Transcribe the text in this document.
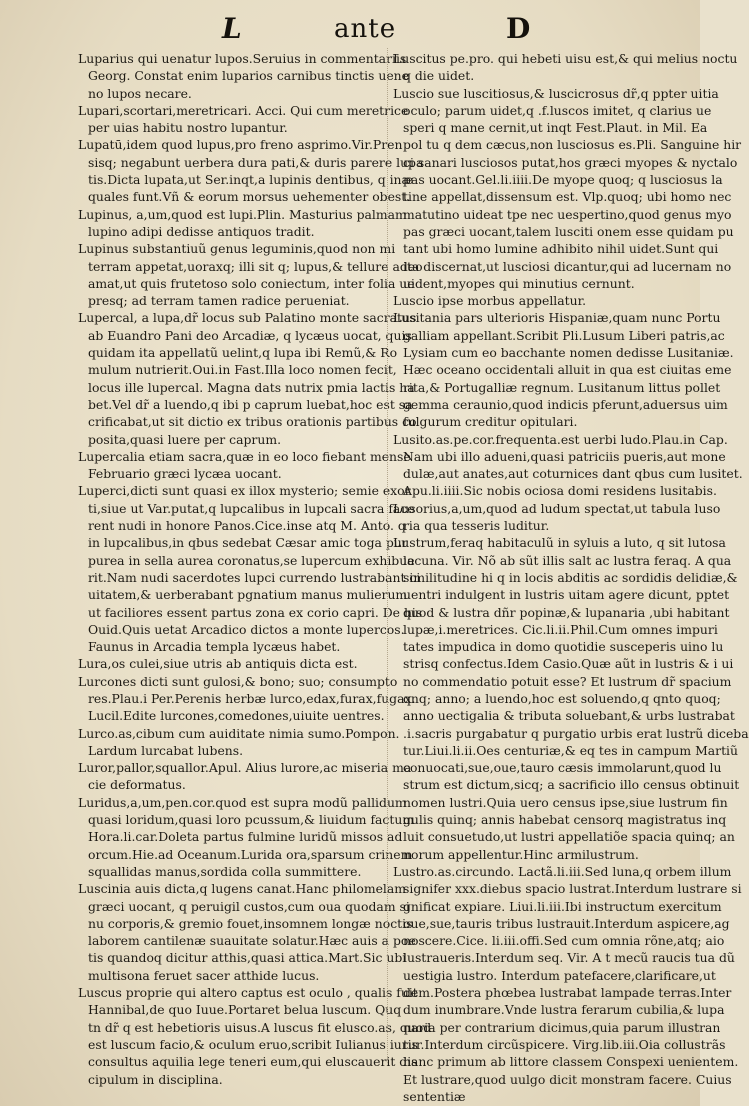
L	ante	D
Luparius qui uenatur lupos.Seruius in commentariis
Georg. Constat enim luparios carnibus tinctis uene
no lupos necare.
Lupari,scortari,meretricari. Acci. Qui cum meretrice
per uias habitu nostro lupantur.
Lupatū,idem quod lupus,pro freno asprimo.Vir.Pren
sisq; negabunt uerbera dura pati,& duris parere lupa
tis.Dicta lupata,ut Ser.inqt,a lupinis dentibus, q inæ
quales funt.Vñ & eorum morsus uehementer obest.
Lupinus, a,um,quod est lupi.Plin. Masturius palmam
lupino adipi dedisse antiquos tradit.
Lupinus substantiuũ genus leguminis,quod non mi
terram appetat,uoraxq; illi sit q; lupus,& tellure adeo
amat,ut quis frutetoso solo coniectum, inter folia ue
presq; ad terram tamen radice perueniat.
Lupercal, a lupa,dr̃ locus sub Palatino monte sacratus
ab Euandro Pani deo Arcadiæ, q lycæus uocat, quis
quidam ita appellatũ uelint,q lupa ibi Remũ,& Ro
mulum nutrierit.Oui.in Fast.Illa loco nomen fecit,
locus ille lupercal. Magna dats nutrix pmia lactis ha
bet.Vel dr̃ a luendo,q ibi p caprum luebat,hoc est sa
crificabat,ut sit dictio ex tribus orationis partibus co
posita,quasi luere per caprum.
Lupercalia etiam sacra,quæ in eo loco fiebant mense
Februario græci lycæa uocant.
Luperci,dicti sunt quasi ex illox mysterio; semie exor
ti,siue ut Var.putat,q lupcalibus in lupcali sacra face
rent nudi in honore Panos.Cice.inse atq M. Anto. q
in lupcalibus,in qbus sedebat Cæsar amic toga pur
purea in sella aurea coronatus,se lupercum exhibue
rit.Nam nudi sacerdotes lupci currendo lustrabant ci
uitatem,& uerberabant pgnatium manus mulierum
ut faciliores essent partus zona ex corio capri. De his
Ouid.Quis uetat Arcadico dictos a monte lupercos.
Faunus in Arcadia templa lycæus habet.
Lura,os culei,siue utris ab antiquis dicta est.
Lurcones dicti sunt gulosi,& bono; suo; consumpto
res.Plau.i Per.Perenis herbæ lurco,edax,furax,fugax.
Lucil.Edite lurcones,comedones,uiuite uentres.
Lurco.as,cibum cum auiditate nimia sumo.Pompon.
Lardum lurcabat lubens.
Luror,pallor,squallor.Apul. Alius lurore,ac miseria ma
cie deformatus.
Luridus,a,um,pen.cor.quod est supra modũ pallidum
quasi loridum,quasi loro pcussum,& liuidum factum
Hora.li.car.Doleta partus fulmine luridũ missos ad
orcum.Hie.ad Oceanum.Lurida ora,sparsum crinem
squallidas manus,sordida colla summittere.
Luscinia auis dicta,q lugens canat.Hanc philomelam
græci uocant, q peruigil custos,cum oua quodam si
nu corporis,& gremio fouet,insomnem longæ noctis
laborem cantilenæ suauitate solatur.Hæc auis a poe
tis quandoq dicitur atthis,quasi attica.Mart.Sic ubi
multisona feruet sacer atthide lucus.
Luscus proprie qui altero captus est oculo , qualis fuit
Hannibal,de quo Iuue.Portaret belua luscum. Quq
tn dr̃ q est hebetioris uisus.A luscus fit elusco.as, quod
est luscum facio,& oculum eruo,scribit Iulianus iuris
consultus aquilia lege teneri eum,qui eluscauerit dis
cipulum in disciplina.
Luscitus pe.pro. qui hebeti uisu est,& qui melius noctu
q die uidet.
Luscio sue luscitiosus,& luscicrosus dr̃,q ppter uitia
oculo; parum uidet,q .f.luscos imitet, q clarius ue
speri q mane cernit,ut inqt Fest.Plaut. in Mil. Ea
pol tu q dem cæcus,non lusciosus es.Pli. Sanguine hir
ci sanari lusciosos putat,hos græci myopes & nyctalo
pas uocant.Gel.li.iiii.De myope quoq; q lusciosus la
tine appellat,dissensum est. Vlp.quoq; ubi homo nec
matutino uideat tpe nec uespertino,quod genus myo
pas græci uocant,talem lusciti onem esse quidam pu
tant ubi homo lumine adhibito nihil uidet.Sunt qui
ita discernat,ut lusciosi dicantur,qui ad lucernam no
uident,myopes qui minutius cernunt.
Luscio ipse morbus appellatur.
Lusitania pars ulterioris Hispaniæ,quam nunc Portu
galliam appellant.Scribit Pli.Lusum Liberi patris,ac
Lysiam cum eo bacchante nomen dedisse Lusitaniæ.
Hæc oceano occidentali alluit in qua est ciuitas eme
rita,& Portugalliæ regnum. Lusitanum littus pollet
gemma ceraunio,quod indicis pferunt,aduersus uim
fulgurum creditur opitulari.
Lusito.as.pe.cor.frequenta.est uerbi ludo.Plau.in Cap.
Nam ubi illo adueni,quasi patriciis pueris,aut mone
dulæ,aut anates,aut coturnices dant qbus cum lusitet.
Apu.li.iiii.Sic nobis ociosa domi residens lusitabis.
Lusorius,a,um,quod ad ludum spectat,ut tabula luso
ria qua tesseris luditur.
Lustrum,feraq habitaculũ in syluis a luto, q sit lutosa
lacuna. Vir. Nõ ab sũt illis salt ac lustra feraq. A qua
similitudine hi q in locis abditis ac sordidis delidiæ,&
uentri indulgent in lustris uitam agere dicunt, pptet
quod & lustra dñr popinæ,& lupanaria ,ubi habitant
lupæ,i.meretrices. Cic.li.ii.Phil.Cum omnes impuri
tates impudica in domo quotidie susceperis uino lu
strisq confectus.Idem Casio.Quæ aũt in lustris & i ui
no commendatio potuit esse? Et lustrum dr̃ spacium
qnq; anno; a luendo,hoc est soluendo,q qnto quoq;
anno uectigalia & tributa soluebant,& urbs lustrabat
.i.sacris purgabatur q purgatio urbis erat lustrũ diceba
tur.Liui.li.ii.Oes centuriæ,& eq tes in campum Martiũ
conuocati,sue,oue,tauro cæsis immolarunt,quod lu
strum est dictum,sicq; a sacrificio illo census obtinuit
nomen lustri.Quia uero census ipse,siue lustrum fin
gulis quinq; annis habebat censorq magistratus inq
luit consuetudo,ut lustri appellatiõe spacia quinq; an
norum appellentur.Hinc armilustrum.
Lustro.as.circundo. Lactã.li.iii.Sed luna,q orbem illum
signifer xxx.diebus spacio lustrat.Interdum lustrare si
gnificat expiare. Liui.li.iii.Ibi instructum exercitum
oue,sue,tauris tribus lustrauit.Interdum aspicere,ag
noscere.Cice. li.iii.offi.Sed cum omnia rõne,atq; aio
lustraueris.Interdum seq. Vir. A t mecũ raucis tua dũ
uestigia lustro. Interdum patefacere,clarificare,ut
dem.Postera phœbea lustrabat lampade terras.Inter
dum inumbrare.Vnde lustra ferarum cubilia,& lupa
naria per contrarium dicimus,quia parum illustran
tur.Interdum circũspicere. Virg.lib.iii.Oia collustrãs
hanc primum ab littore classem Conspexi uenientem.
Et lustrare,quod uulgo dicit monstram facere. Cuius
sententiæ
